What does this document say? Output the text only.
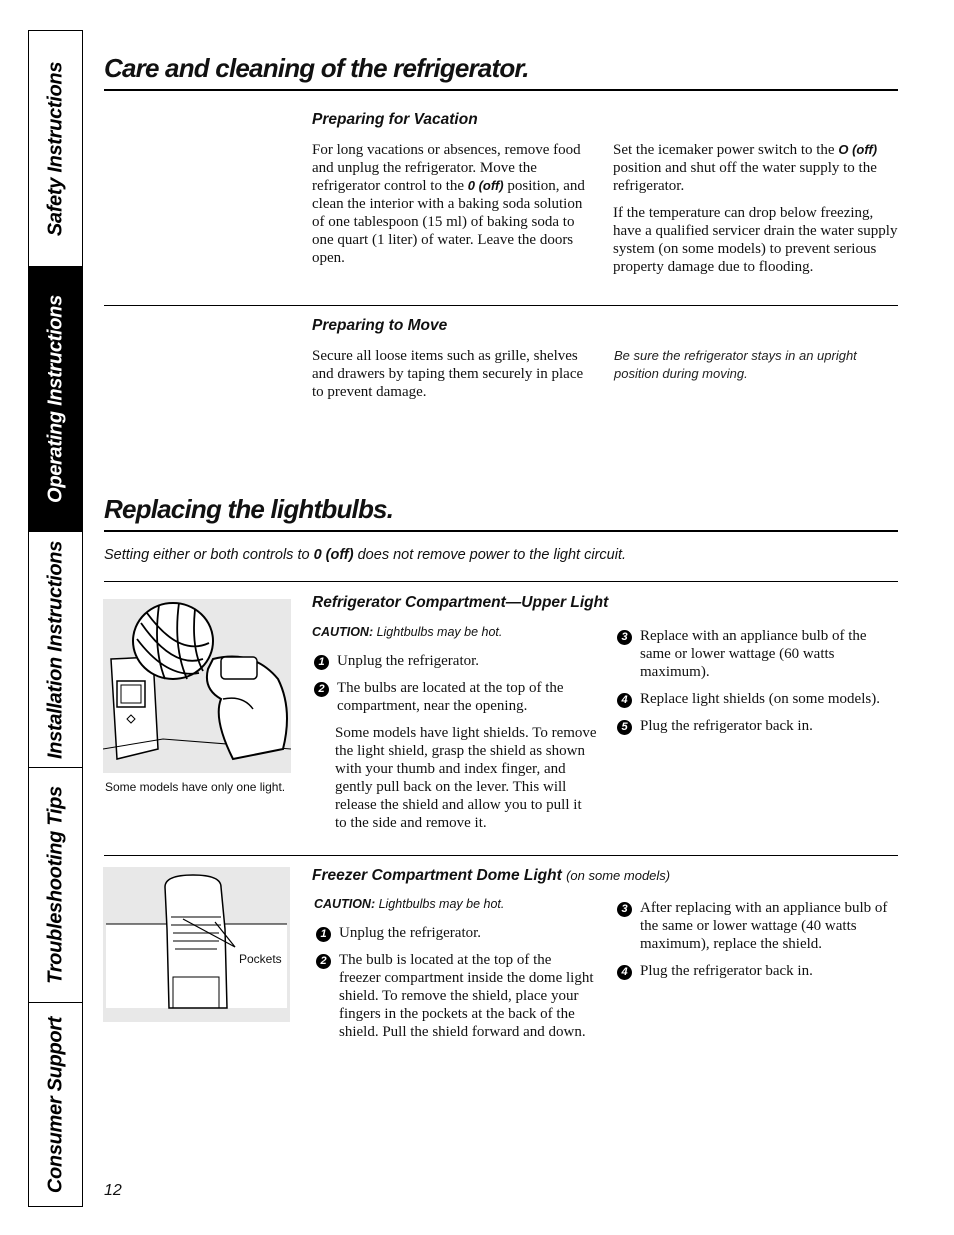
Safety Instructions
Operating Instructions
Installation Instructions
Troubleshooting Tips
Consumer Support
Care and cleaning of the refrigerator.
Preparing for Vacation

For long vacations or absences, remove food and unplug the refrigerator. Move the refrigerator control to the 0 (off) position, and clean the interior with a baking soda solution of one tablespoon (15 ml) of baking soda to one quart (1 liter) of water. Leave the doors open.

Set the icemaker power switch to the O (off) position and shut off the water supply to the refrigerator.

If the temperature can drop below freezing, have a qualified servicer drain the water supply system (on some models) to prevent serious property damage due to flooding.

Preparing to Move
Secure all loose items such as grille, shelves and drawers by taping them securely in place to prevent damage.
Be sure the refrigerator stays in an upright position during moving.
Replacing the lightbulbs.
Setting either or both controls to 0 (off) does not remove power to the light circuit.
Some models have only one light.
Refrigerator Compartment—Upper Light
CAUTION: Lightbulbs may be hot.
1 Unplug the refrigerator.
2 The bulbs are located at the top of the compartment, near the opening.
Some models have light shields. To remove the light shield, grasp the shield as shown with your thumb and index finger, and gently pull back on the lever. This will release the shield and allow you to pull it to the side and remove it.
3 Replace with an appliance bulb of the same or lower wattage (60 watts maximum).
4 Replace light shields (on some models).
5 Plug the refrigerator back in.
Pockets
Freezer Compartment Dome Light (on some models)
CAUTION: Lightbulbs may be hot.
1 Unplug the refrigerator.
2 The bulb is located at the top of the freezer compartment inside the dome light shield. To remove the shield, place your fingers in the pockets at the back of the shield. Pull the shield forward and down.
3 After replacing with an appliance bulb of the same or lower wattage (40 watts maximum), replace the shield.
4 Plug the refrigerator back in.
12
